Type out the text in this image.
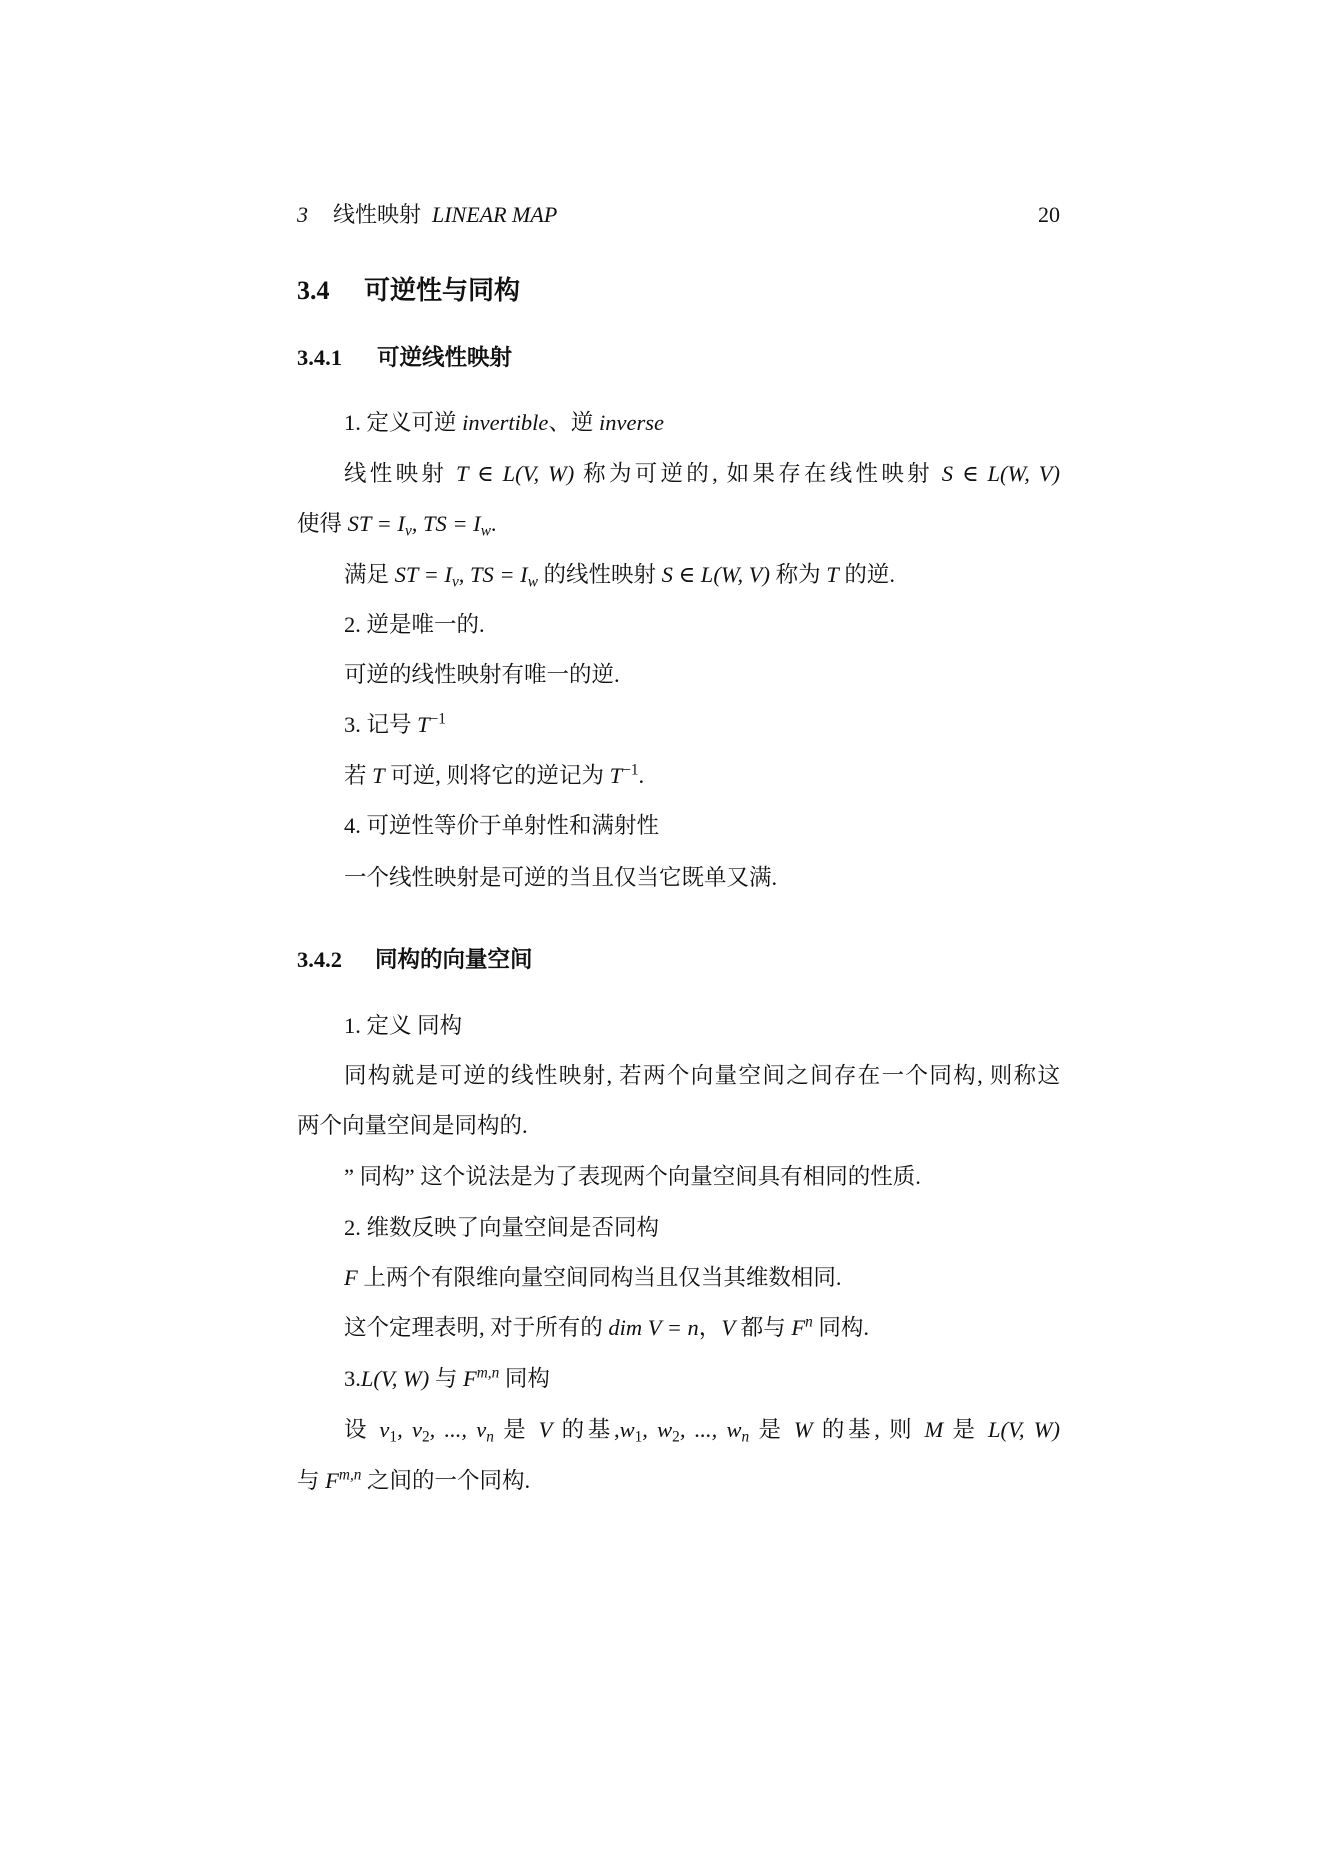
3 线性映射 LINEAR MAP	20
3.4 可逆性与同构
3.4.1 可逆线性映射
1. 定义可逆 invertible、逆 inverse
线性映射 T ∈ L(V, W) 称为可逆的, 如果存在线性映射 S ∈ L(W, V)
使得 ST = $I_v$, TS = $I_w$.
满足 ST = $I_v$, TS = $I_w$ 的线性映射 S ∈ L(W, V) 称为 T 的逆.
2. 逆是唯一的.
可逆的线性映射有唯一的逆.
3. 记号 $T^{-1}$
若 T 可逆, 则将它的逆记为 $T^{-1}$.
4. 可逆性等价于单射性和满射性
一个线性映射是可逆的当且仅当它既单又满.
3.4.2 同构的向量空间
1. 定义 同构
同构就是可逆的线性映射, 若两个向量空间之间存在一个同构, 则称这
两个向量空间是同构的.
” 同构” 这个说法是为了表现两个向量空间具有相同的性质.
2. 维数反映了向量空间是否同构
F 上两个有限维向量空间同构当且仅当其维数相同.
这个定理表明, 对于所有的 dim V = n，V 都与 $F^n$ 同构.
3.L(V, W) 与 F$^{m,n}$ 同构
设 $v_1$, $v_2$, ..., $v_n$ 是 V 的基$,w_1$, $w_2$, ..., $w_n$ 是 W 的基, 则 M 是 L(V, W)
与 F$^{m,n}$ 之间的一个同构.
